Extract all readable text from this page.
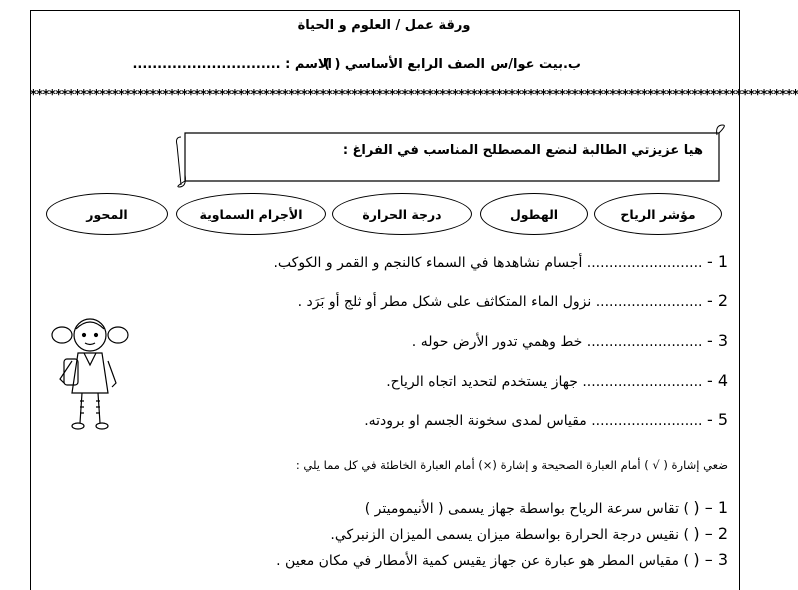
ورقة عمل / العلوم و الحياة
ب.بيت عوا/س
الصف الرابع الأساسي ( )
الاسم : ..............................
**************************************************************************************************************************
هيا عزيزتي الطالبة لنضع المصطلح المناسب في الفراغ :
مؤشر الرياح
الهطول
درجة الحرارة
الأجرام السماوية
المحور
1 - .......................... أجسام نشاهدها في السماء كالنجم و القمر و الكوكب.
2 - ........................ نزول الماء المتكاثف على شكل مطر أو ثلج أو بَرَد .
3 - .......................... خط وهمي تدور الأرض حوله .
4 - ........................... جهاز يستخدم لتحديد اتجاه الرياح.
5 - ......................... مقياس لمدى سخونة الجسم او برودته.
ضعي إشارة ( √ ) أمام العبارة الصحيحة و إشارة (×) أمام العبارة الخاطئة في كل مما يلي :
1 – ( ) تقاس سرعة الرياح بواسطة جهاز يسمى ( الأنيموميتر )
2 – ( ) نقيس درجة الحرارة بواسطة ميزان يسمى الميزان الزنبركي.
3 – ( ) مقياس المطر هو عبارة عن جهاز يقيس كمية الأمطار في مكان معين .
